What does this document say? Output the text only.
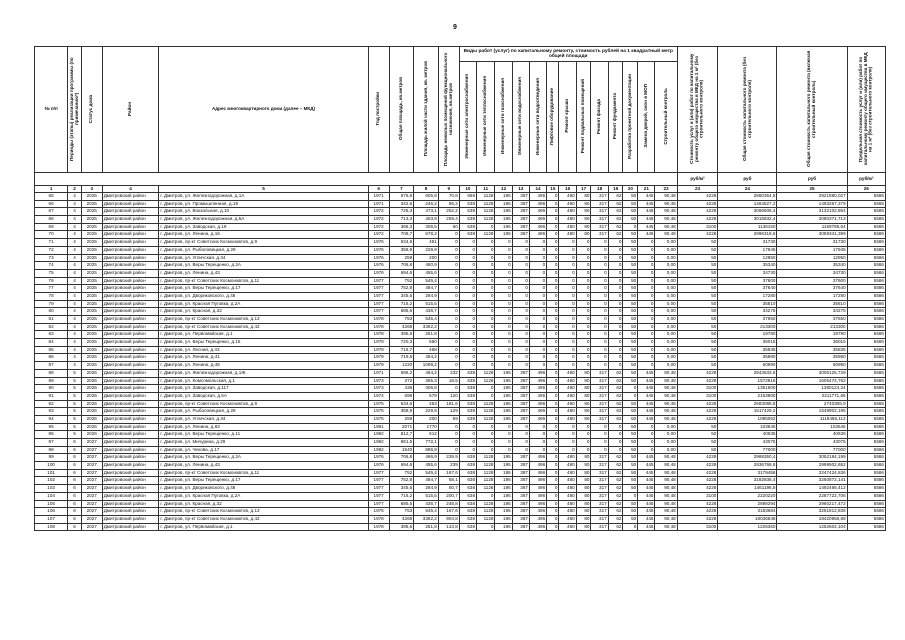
9
№ п/п	Периоды (этапы) реализации программы (по примечанию*)	Статус дома	Район	Адрес многоквартирного дома (далее – МКД)	Год постройки	Общая площадь, кв.метров	Площадь жилой части здания, кв. метров	Площадь нежилых помещений функционального назначения, кв.метров	Виды работ (услуг) по капитальному ремонту, стоимость рублей на 1 квадратный метр общей площади													Стоимость услуг и (или) работ по капитальному ремонту общего имущества в МКД на 1 м² (без строительного контроля)	Общая стоимость капитального ремонта (без строительного контроля)	Общая стоимость капитального ремонта (включая строительный контроль)	Предельная стоимость услуг и (или) работ по капитальному ремонту общего имущества в МКД на 1 м² (без строительного контроля)
									Инженерные сети электроснабжения	Инженерные сети теплоснабжения	Инженерные сети газоснабжения	Инженерные сети водоснабжения	Инженерные сети водоотведения	Лифтовое оборудование	Ремонт крыши	Ремонт подвальных помещений	Ремонт фасада	Ремонт фундамента	Разработка проектной документации	Замена дверей, окон в МОП	Строительный контроль				
																						руб/м²	руб	руб	руб/м²
1	2	3	4	5	6	7	8	9	10	11	12	13	14	15	16	17	18	19	20	21	22	23	24	25	26
65	4	2025	Дмитровский район	г. Дмитров, ул. Железнодорожная, д.1А	1971	676,8	605,8	70,6	686	1128	195	387	496	0	480	80	317	62	50	445	90,48	4228	2860354,8	2921880,027	5586
66	4	2025	Дмитровский район	г. Дмитров, ул. Промышленная, д.19	1971	342,6	246,2	96,2	638	1128	195	387	496	0	480	80	317	62	50	445	90,48	4228	1464527,2	1493267,379	5586
67	4	2025	Дмитровский район	г. Дмитров, ул. Вокзальная, д.10	1972	725,3	473,1	252,2	638	1128	195	387	496	0	480	80	317	62	50	445	90,48	4228	3066508,4	3132102,864	5586
68	4	2025	Дмитровский район	г. Дмитров, ул. Железнодорожная, д.5А	1972	713,3	453,9	259,4	638	1128	195	387	496	0	480	80	317	62	50	445	90,48	4228	3015832,4	3080371,713	5586
69	4	2025	Дмитровский район	г. Дмитров, ул. Заводская, д.19	1972	366,3	306,5	60	638	0	195	387	496	0	480	80	317	62	0	445	90,48	3100	1136150	1159785,64	5586
70	4	2025	Дмитровский район	г. Дмитров, ул. Ленина, д.16	1972	708,7	678,2	0	638	1128	195	387	496	0	480	80	317	62	50	445	90,48	4228	2996318,6	3059341,399	5586
71	4	2025	Дмитровский район	г. Дмитров, пр-кт Советских Космонавтов, д.9	1975	634,6	451	0	0	0	0	0	0	0	0	0	0	0	50	0	0,00	50	31730	31730	5586
72	4	2025	Дмитровский район	г. Дмитров, ул. Рыболовецкая, д.29	1975	358,9	229,9	0	0	0	0	0	0	0	0	0	0	0	50	0	0,00	50	17945	17945	5586
73	4	2025	Дмитровский район	г. Дмитров, ул. Угличская, д.34	1976	259	200	0	0	0	0	0	0	0	0	0	0	0	50	0	0,00	50	12950	12950	5586
74	4	2025	Дмитровский район	г. Дмитров, ул. Веры Терещенко, д.2А	1976	706,8	460,9	0	0	0	0	0	0	0	0	0	0	0	50	0	0,00	50	35340	35340	5586
75	4	2025	Дмитровский район	г. Дмитров, ул. Ленина, д.43	1976	694,6	455,6	0	0	0	0	0	0	0	0	0	0	0	50	0	0,00	50	34730	34730	5586
76	4	2025	Дмитровский район	г. Дмитров, пр-кт Советских Космонавтов, д.11	1977	752	545,4	0	0	0	0	0	0	0	0	0	0	0	50	0	0,00	50	37600	37600	5586
77	4	2025	Дмитровский район	г. Дмитров, ул. Веры Терещенко, д.17	1977	752,8	494,7	0	0	0	0	0	0	0	0	0	0	0	50	0	0,00	50	37640	37640	5586
78	4	2025	Дмитровский район	г. Дмитров, ул. Двориковского, д.48	1977	345,6	294,9	0	0	0	0	0	0	0	0	0	0	0	50	0	0,00	50	17280	17280	5586
79	4	2025	Дмитровский район	г. Дмитров, ул. Красная Пуговка, д.2А	1977	716,2	515,5	0	0	0	0	0	0	0	0	0	0	0	50	0	0,00	50	35810	35810	5586
80	4	2025	Дмитровский район	г. Дмитров, ул. Красная, д.32	1977	685,5	436,7	0	0	0	0	0	0	0	0	0	0	0	50	0	0,00	50	34275	34275	5586
81	4	2025	Дмитровский район	г. Дмитров, пр-кт Советских Космонавтов, д.13	1978	753	545,4	0	0	0	0	0	0	0	0	0	0	0	50	0	0,00	50	37650	37650	5586
82	4	2025	Дмитровский район	г. Дмитров, пр-кт Советских Космонавтов, д.42	1978	4266	3362,2	0	0	0	0	0	0	0	0	0	0	0	50	0	0,00	50	213300	213300	5586
83	4	2025	Дмитровский район	г. Дмитров, ул. Первомайская, д.1	1978	395,6	251,8	0	0	0	0	0	0	0	0	0	0	0	50	0	0,00	50	19780	19780	5586
84	4	2025	Дмитровский район	г. Дмитров, ул. Веры Терещенко, д.15	1979	720,3	560	0	0	0	0	0	0	0	0	0	0	0	50	0	0,00	50	36015	36015	5586
85	4	2025	Дмитровский район	г. Дмитров, ул. Лесная, д.43	1979	716,7	468	0	0	0	0	0	0	0	0	0	0	0	50	0	0,00	50	35835	35835	5586
86	4	2025	Дмитровский район	г. Дмитров, ул. Ленина, д.41	1979	719,6	454,2	0	0	0	0	0	0	0	0	0	0	0	50	0	0,00	50	35980	35980	5586
87	4	2025	Дмитровский район	г. Дмитров, ул. Ленина, д.45	1979	1220	1099,2	0	0	0	0	0	0	0	0	0	0	0	50	0	0,00	50	60990	60990	5586
88	5	2026	Дмитровский район	г. Дмитров, ул. Железнодорожная, д.1Ж	1971	696,2	464,2	232	638	1128	195	387	496	0	480	80	317	62	50	445	90,48	4228	2943533,6	3006125,729	5586
89	5	2026	Дмитровский район	г. Дмитров, ул. Комсомольская, д.1	1973	372	365,3	18,5	638	1128	195	387	496	0	480	80	317	62	50	445	90,48	4228	1572816	1605474,762	5586
90	5	2026	Дмитровский район	г. Дмитров, ул. Заводская, д.117	1973	436	406,8	0	638	0	195	387	496	0	480	80	317	62	0	445	90,48	3100	1351600	1380124,24	5586
91	5	2026	Дмитровский район	г. Дмитров, ул. Заводская, д.5А	1974	698	579	120	638	0	195	387	496	0	480	80	317	62	0	445	90,48	3100	2163800	2211771,66	5586
92	5	2026	Дмитровский район	г. Дмитров, пр-кт Советских Космонавтов, д.9	1975	634,6	453	181,6	638	1128	195	387	496	0	480	80	317	62	50	445	90,48	4228	2683088,8	2740306,9	5586
93	5	2026	Дмитровский район	г. Дмитров, ул. Рыболовецкая, д.29	1975	358,9	229,9	129	638	1128	195	387	496	0	480	80	317	62	50	445	90,48	4228	1517429,2	1549902,195	5586
94	5	2026	Дмитровский район	г. Дмитров, ул. Угличская, д.34	1975	259	200	59	638	1128	195	387	496	0	480	80	317	62	50	445	90,48	4228	1095052	1118486,113	5586
95	5	2026	Дмитровский район	г. Дмитров, ул. Ленина, д.63	1981	2071	1770	0	0	0	0	0	0	0	0	0	0	0	50	0	0,00	50	103545	103545	5586
96	5	2026	Дмитровский район	г. Дмитров, ул. Веры Терещенко, д.11	1982	812,7	612	0	0	0	0	0	0	0	0	0	0	0	50	0	0,00	50	40635	40635	5586
97	6	2027	Дмитровский район	г. Дмитров, ул. Мичурина, д.29	1982	861,5	772,1	0	0	0	0	0	0	0	0	0	0	0	50	0	0,00	50	43075	43075	5586
98	6	2027	Дмитровский район	г. Дмитров, ул. Чехова, д.17	1982	1540	886,9	0	0	0	0	0	0	0	0	0	0	0	50	0	0,00	50	77000	77000	5586
99	6	2027	Дмитровский район	г. Дмитров, ул. Веры Терещенко, д.2А	1976	706,8	466,9	239,9	638	1128	195	387	496	0	480	80	317	62	50	445	90,48	4228	2988350,4	3052184,199	5586
100	6	2027	Дмитровский район	г. Дмитров, ул. Ленина, д.43	1976	694,6	455,6	239	638	1128	195	387	496	0	480	80	317	62	50	445	90,48	4228	2936768,8	2999502,652	5586
101	6	2027	Дмитровский район	г. Дмитров, пр-кт Советских Космонавтов, д.11	1977	752	545,4	167,6	638	1128	195	387	496	0	480	80	317	62	50	445	90,48	4228	3179456	3247424,636	5586
102	6	2027	Дмитровский район	г. Дмитров, ул. Веры Терещенко, д.17	1977	752,8	494,7	58,1	638	1128	195	387	496	0	480	80	317	62	50	445	90,48	4228	3182838,4	3250872,141	5586
103	6	2027	Дмитровский район	г. Дмитров, ул. Двориковского, д.48	1977	345,6	294,9	50,7	638	1128	195	387	496	0	480	80	317	62	50	445	90,48	4228	1461196,8	1492466,412	5586
104	6	2027	Дмитровский район	г. Дмитров, ул. Красная Пуговка, д.2А	1977	716,2	515,5	200,7	638	0	195	387	496	0	480	80	317	62	0	445	90,48	3100	2220220	2287722,706	5586
105	6	2027	Дмитровский район	г. Дмитров, ул. Красная, д.32	1977	685,5	436,7	248,8	638	1128	195	387	496	0	480	80	317	62	50	445	90,48	4228	2898294	2960217,472	5586
106	6	2027	Дмитровский район	г. Дмитров, пр-кт Советских Космонавтов, д.13	1978	753	545,4	167,6	638	1128	195	387	496	0	480	80	317	62	50	445	90,48	4228	3183684	3251812,836	5586
107	6	2027	Дмитровский район	г. Дмитров, пр-кт Советских Космонавтов, д.42	1978	4266	3362,2	904,8	638	1128	195	387	496	0	480	80	317	62	50	445	90,48	4228	18036648	18420956,88	5586
108	6	2027	Дмитровский район	г. Дмитров, ул. Первомайская, д.1	1978	395,6	251,8	143,8	638	0	195	387	496	0	480	80	317	62	0	445	90,48	3100	1226360	1252604,104	5586
